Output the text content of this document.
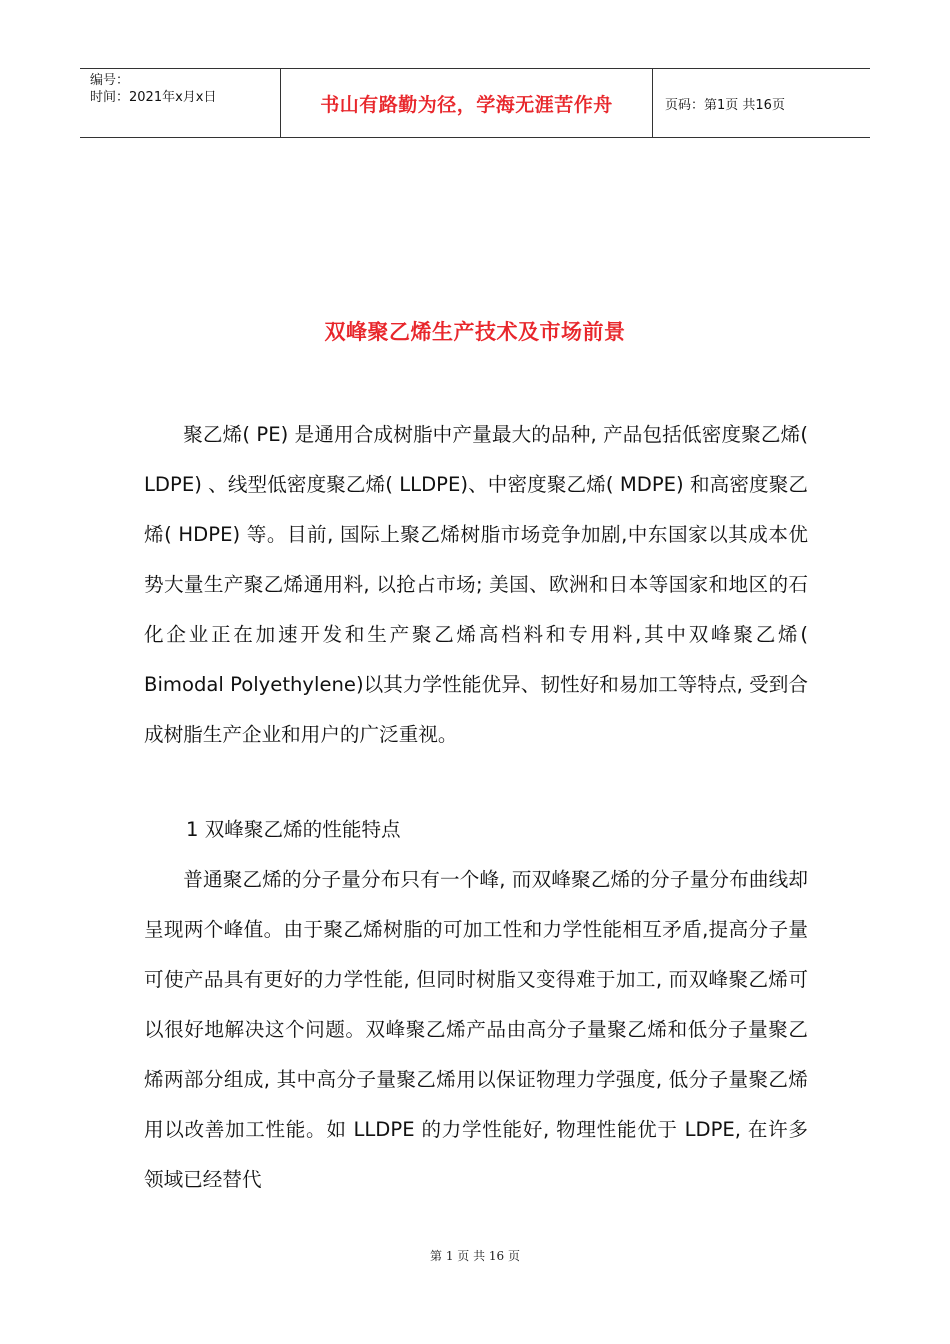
编号：
时间：2021年x月x日	书山有路勤为径，学海无涯苦作舟	页码：第1页 共16页
双峰聚乙烯生产技术及市场前景

聚乙烯( PE) 是通用合成树脂中产量最大的品种, 产品包括低密度聚乙烯( LDPE) 、线型低密度聚乙烯( LLDPE)、中密度聚乙烯( MDPE) 和高密度聚乙烯( HDPE) 等。目前, 国际上聚乙烯树脂市场竞争加剧,中东国家以其成本优势大量生产聚乙烯通用料, 以抢占市场; 美国、欧洲和日本等国家和地区的石化企业正在加速开发和生产聚乙烯高档料和专用料,其中双峰聚乙烯( Bimodal Polyethylene)以其力学性能优异、韧性好和易加工等特点, 受到合成树脂生产企业和用户的广泛重视。

1 双峰聚乙烯的性能特点

普通聚乙烯的分子量分布只有一个峰, 而双峰聚乙烯的分子量分布曲线却呈现两个峰值。由于聚乙烯树脂的可加工性和力学性能相互矛盾,提高分子量可使产品具有更好的力学性能, 但同时树脂又变得难于加工, 而双峰聚乙烯可以很好地解决这个问题。双峰聚乙烯产品由高分子量聚乙烯和低分子量聚乙烯两部分组成, 其中高分子量聚乙烯用以保证物理力学强度, 低分子量聚乙烯用以改善加工性能。如 LLDPE 的力学性能好, 物理性能优于 LDPE, 在许多领域已经替代

第 1 页 共 16 页
